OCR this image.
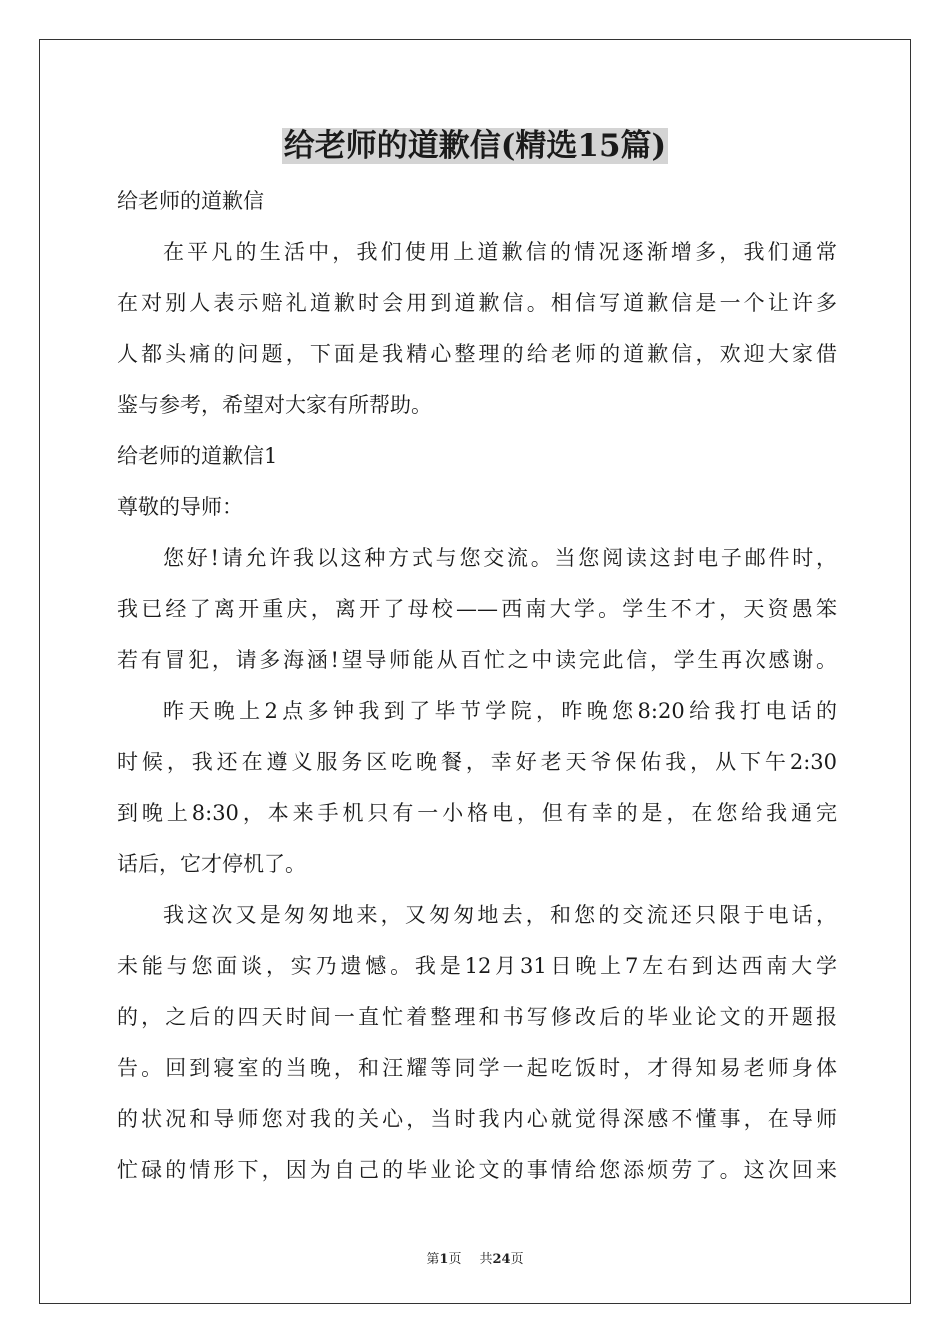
给老师的道歉信(精选15篇)
给老师的道歉信
在平凡的生活中，我们使用上道歉信的情况逐渐增多，我们通常
在对别人表示赔礼道歉时会用到道歉信。相信写道歉信是一个让许多
人都头痛的问题，下面是我精心整理的给老师的道歉信，欢迎大家借
鉴与参考，希望对大家有所帮助。
给老师的道歉信1
尊敬的导师：
您好!请允许我以这种方式与您交流。当您阅读这封电子邮件时，
我已经了离开重庆，离开了母校——西南大学。学生不才，天资愚笨
若有冒犯，请多海涵!望导师能从百忙之中读完此信，学生再次感谢。
昨天晚上2点多钟我到了毕节学院，昨晚您8:20给我打电话的
时候，我还在遵义服务区吃晚餐，幸好老天爷保佑我，从下午2:30
到晚上8:30，本来手机只有一小格电，但有幸的是，在您给我通完
话后，它才停机了。
我这次又是匆匆地来，又匆匆地去，和您的交流还只限于电话，
未能与您面谈，实乃遗憾。我是12月31日晚上7左右到达西南大学
的，之后的四天时间一直忙着整理和书写修改后的毕业论文的开题报
告。回到寝室的当晚，和汪耀等同学一起吃饭时，才得知易老师身体
的状况和导师您对我的关心，当时我内心就觉得深感不懂事，在导师
忙碌的情形下，因为自己的毕业论文的事情给您添烦劳了。这次回来
第1页 共24页
